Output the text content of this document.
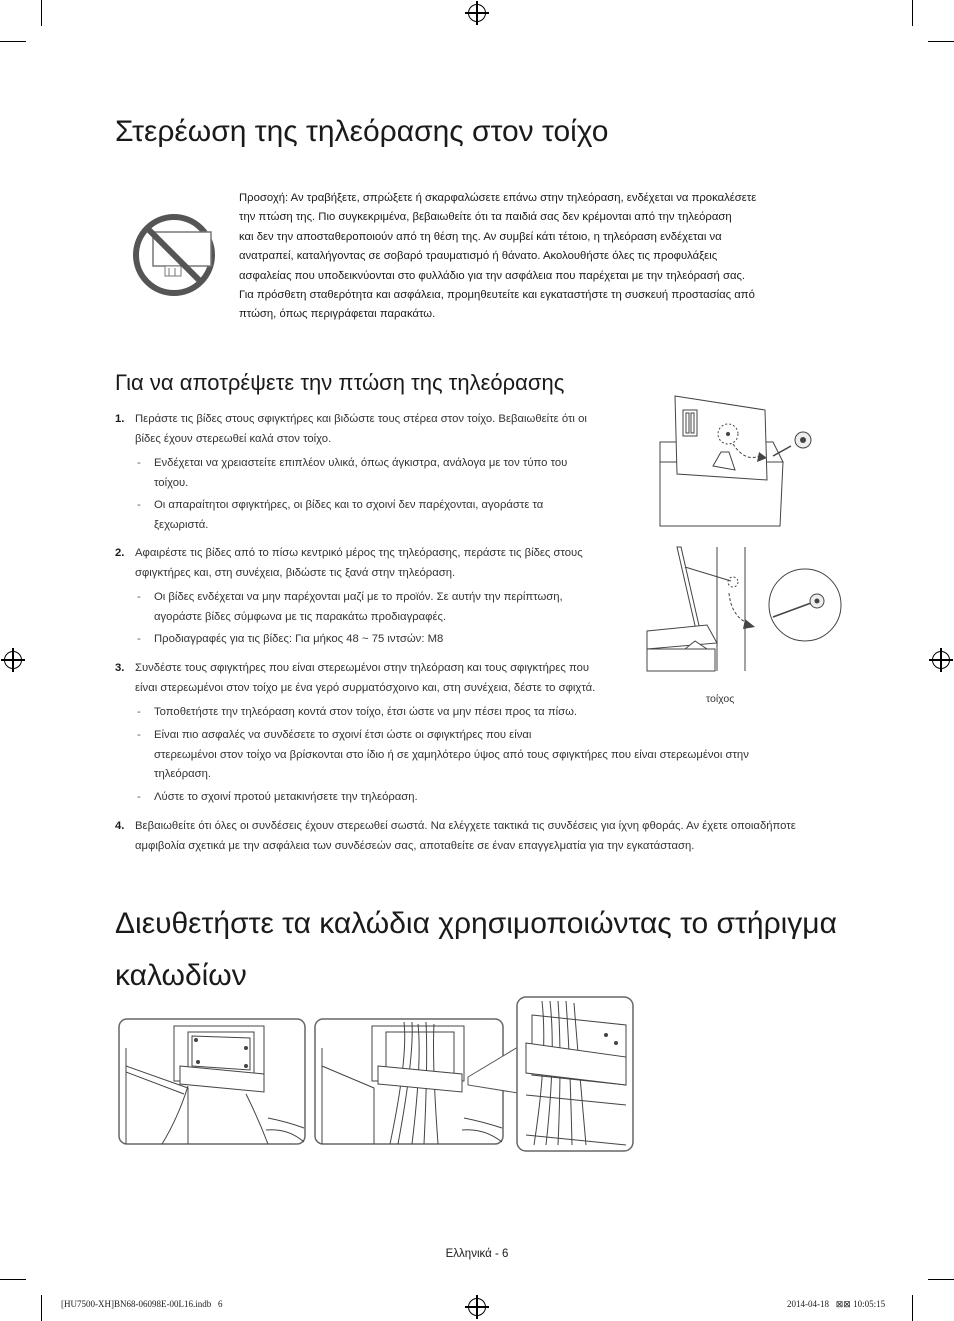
Στερέωση της τηλεόρασης στον τοίχο
Προσοχή: Αν τραβήξετε, σπρώξετε ή σκαρφαλώσετε επάνω στην τηλεόραση, ενδέχεται να προκαλέσετε
την πτώση της. Πιο συγκεκριμένα, βεβαιωθείτε ότι τα παιδιά σας δεν κρέμονται από την τηλεόραση
και δεν την αποσταθεροποιούν από τη θέση της. Αν συμβεί κάτι τέτοιο, η τηλεόραση ενδέχεται να
ανατραπεί, καταλήγοντας σε σοβαρό τραυματισμό ή θάνατο. Ακολουθήστε όλες τις προφυλάξεις
ασφαλείας που υποδεικνύονται στο φυλλάδιο για την ασφάλεια που παρέχεται με την τηλεόρασή σας.
Για πρόσθετη σταθερότητα και ασφάλεια, προμηθευτείτε και εγκαταστήστε τη συσκευή προστασίας από
πτώση, όπως περιγράφεται παρακάτω.
Για να αποτρέψετε την πτώση της τηλεόρασης
1. Περάστε τις βίδες στους σφιγκτήρες και βιδώστε τους στέρεα στον τοίχο. Βεβαιωθείτε ότι οι
βίδες έχουν στερεωθεί καλά στον τοίχο.
- Ενδέχεται να χρειαστείτε επιπλέον υλικά, όπως άγκιστρα, ανάλογα με τον τύπο του
τοίχου.
- Οι απαραίτητοι σφιγκτήρες, οι βίδες και το σχοινί δεν παρέχονται, αγοράστε τα
ξεχωριστά.
2. Αφαιρέστε τις βίδες από το πίσω κεντρικό μέρος της τηλεόρασης, περάστε τις βίδες στους
σφιγκτήρες και, στη συνέχεια, βιδώστε τις ξανά στην τηλεόραση.
- Οι βίδες ενδέχεται να μην παρέχονται μαζί με το προϊόν. Σε αυτήν την περίπτωση,
αγοράστε βίδες σύμφωνα με τις παρακάτω προδιαγραφές.
- Προδιαγραφές για τις βίδες: Για μήκος 48 ~ 75 ιντσών: M8
3. Συνδέστε τους σφιγκτήρες που είναι στερεωμένοι στην τηλεόραση και τους σφιγκτήρες που
είναι στερεωμένοι στον τοίχο με ένα γερό συρματόσχοινο και, στη συνέχεια, δέστε το σφιχτά.
- Τοποθετήστε την τηλεόραση κοντά στον τοίχο, έτσι ώστε να μην πέσει προς τα πίσω.
- Είναι πιο ασφαλές να συνδέσετε το σχοινί έτσι ώστε οι σφιγκτήρες που είναι
στερεωμένοι στον τοίχο να βρίσκονται στο ίδιο ή σε χαμηλότερο ύψος από τους σφιγκτήρες που είναι στερεωμένοι στην
τηλεόραση.
- Λύστε το σχοινί προτού μετακινήσετε την τηλεόραση.
4. Βεβαιωθείτε ότι όλες οι συνδέσεις έχουν στερεωθεί σωστά. Να ελέγχετε τακτικά τις συνδέσεις για ίχνη φθοράς. Αν έχετε οποιαδήποτε
αμφιβολία σχετικά με την ασφάλεια των συνδέσεών σας, αποταθείτε σε έναν επαγγελματία για την εγκατάσταση.
τοίχος
Διευθετήστε τα καλώδια χρησιμοποιώντας το στήριγμα
καλωδίων
Ελληνικά - 6
[HU7500-XH]BN68-06098E-00L16.indb   6	2014-04-18   ⊠⊠ 10:05:15
